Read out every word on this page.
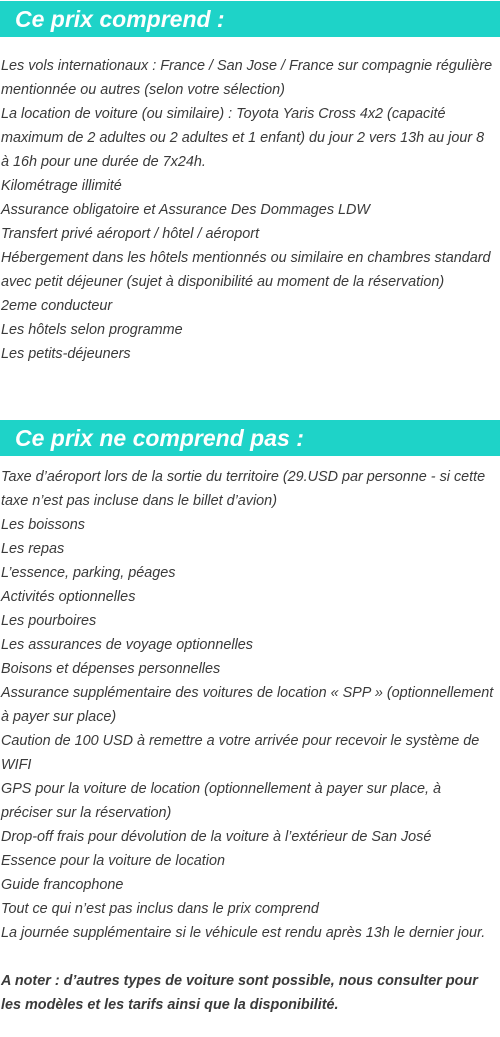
Ce prix comprend :
Les vols internationaux : France / San Jose / France sur compagnie régulière mentionnée ou autres (selon votre sélection)
La location de voiture (ou similaire) : Toyota Yaris Cross 4x2 (capacité maximum de 2 adultes ou 2 adultes et 1 enfant) du jour 2 vers 13h au jour 8 à 16h pour une durée de 7x24h.
Kilométrage illimité
Assurance obligatoire et Assurance Des Dommages LDW
Transfert privé aéroport / hôtel / aéroport
Hébergement dans les hôtels mentionnés ou similaire en chambres standard avec petit déjeuner (sujet à disponibilité au moment de la réservation)
2eme conducteur
Les hôtels selon programme
Les petits-déjeuners
Ce prix ne comprend pas :
Taxe d’aéroport lors de la sortie du territoire (29.USD par personne - si cette taxe n’est pas incluse dans le billet d’avion)
Les boissons
Les repas
L’essence, parking, péages
Activités optionnelles
Les pourboires
Les assurances de voyage optionnelles
Boisons et dépenses personnelles
Assurance supplémentaire des voitures de location « SPP » (optionnellement à payer sur place)
Caution de 100 USD à remettre a votre arrivée pour recevoir le système de WIFI
GPS pour la voiture de location (optionnellement à payer sur place, à préciser sur la réservation)
Drop-off frais pour dévolution de la voiture à l’extérieur de San José
Essence pour la voiture de location
Guide francophone
Tout ce qui n’est pas inclus dans le prix comprend
La journée supplémentaire si le véhicule est rendu après 13h le dernier jour.

A noter : d’autres types de voiture sont possible, nous consulter pour les modèles et les tarifs ainsi que la disponibilité.
